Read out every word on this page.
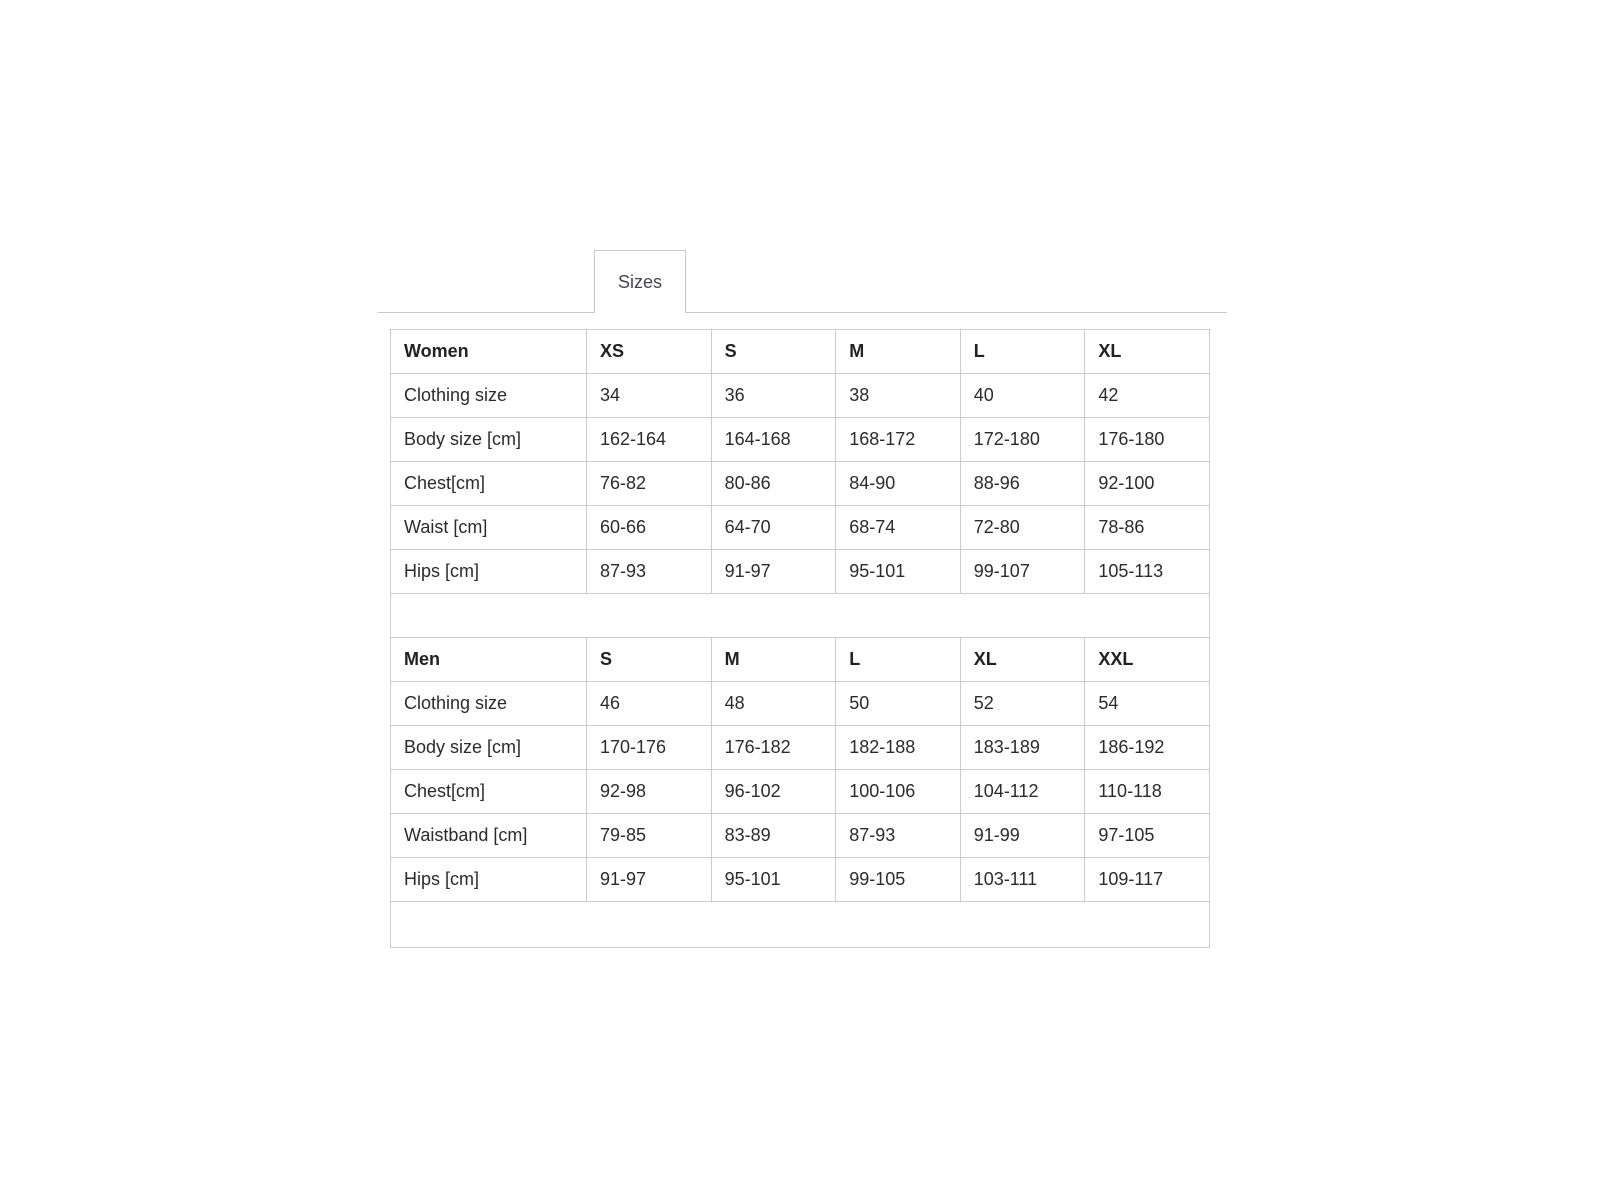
Sizes
Women	XS	S	M	L	XL
Clothing size	34	36	38	40	42
Body size [cm]	162-164	164-168	168-172	172-180	176-180
Chest[cm]	76-82	80-86	84-90	88-96	92-100
Waist [cm]	60-66	64-70	68-74	72-80	78-86
Hips [cm]	87-93	91-97	95-101	99-107	105-113

Men	S	M	L	XL	XXL
Clothing size	46	48	50	52	54
Body size [cm]	170-176	176-182	182-188	183-189	186-192
Chest[cm]	92-98	96-102	100-106	104-112	110-118
Waistband [cm]	79-85	83-89	87-93	91-99	97-105
Hips [cm]	91-97	95-101	99-105	103-111	109-117
